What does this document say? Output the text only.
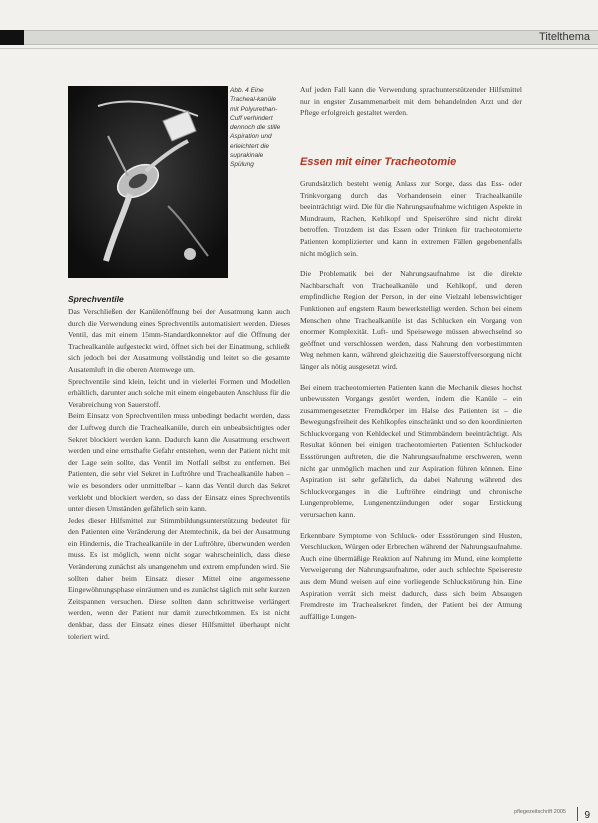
Titelthema
Abb. 4 Eine Tracheal-kanüle mit Polyurethan-Cuff verhindert dennoch die stille Aspiration und erleichtert die suprakinale Spülung
Sprechventile

Das Verschließen der Kanülenöffnung bei der Ausatmung kann auch durch die Verwendung eines Sprechventils automatisiert werden. Dieses Ventil, das mit einem 15mm-Standardkonnektor auf die Öffnung der Trachealkanüle aufgesteckt wird, öffnet sich bei der Einatmung, schließt sich jedoch bei der Ausatmung vollständig und leitet so die gesamte Ausatemluft in die oberen Atemwege um.

Sprechventile sind klein, leicht und in vielerlei Formen und Modellen erhältlich, darunter auch solche mit einem eingebauten Anschluss für die Verabreichung von Sauerstoff.

Beim Einsatz von Sprechventilen muss unbedingt bedacht werden, dass der Luftweg durch die Trachealkanüle, durch ein unbeabsichtigtes oder Sekret blockiert werden kann. Dadurch kann die Ausatmung erschwert werden und eine ernsthafte Gefahr entstehen, wenn der Patient nicht mit der Lage sein sollte, das Ventil im Notfall selbst zu entfernen. Bei Patienten, die sehr viel Sekret in Luftröhre und Trachealkanüle haben – wie es besonders oder unmittelbar – kann das Ventil durch das Sekret verklebt und blockiert werden, so dass der Einsatz eines Sprechventils unter diesen Umständen gefährlich sein kann.

Jedes dieser Hilfsmittel zur Stimmbildungsunterstützung bedeutet für den Patienten eine Veränderung der Atemtechnik, da bei der Ausatmung ein Hindernis, die Trachealkanüle in der Luftröhre, überwunden werden muss. Es ist möglich, wenn nicht sogar wahrscheinlich, dass diese Veränderung zunächst als unangenehm und extrem empfunden wird. Sie sollten daher beim Einsatz dieser Mittel eine angemessene Eingewöhnungsphase einräumen und es zunächst täglich mit sehr kurzen Zeitspannen versuchen. Diese sollten dann schrittweise verlängert werden, wenn der Patient nur damit zurechtkommen. Es ist nicht denkbar, dass der Einsatz eines dieser Hilfsmittel überhaupt nicht toleriert wird.

Auf jeden Fall kann die Verwendung sprachunterstützender Hilfsmittel nur in engster Zusammenarbeit mit dem behandelnden Arzt und der Pflege erfolgreich gestaltet werden.

Essen mit einer Tracheotomie

Grundsätzlich besteht wenig Anlass zur Sorge, dass das Ess- oder Trinkvorgang durch das Vorhandensein einer Trachealkanüle beeinträchtigt wird. Die für die Nahrungsaufnahme wichtigen Aspekte in Mundraum, Rachen, Kehlkopf und Speiseröhre sind nicht direkt betroffen. Trotzdem ist das Essen oder Trinken für tracheotomierte Patienten komplizierter und kann in extremen Fällen gegebenenfalls nicht möglich sein.

Die Problematik bei der Nahrungsaufnahme ist die direkte Nachbarschaft von Trachealkanüle und Kehlkopf, und deren empfindliche Region der Person, in der eine Vielzahl lebenswichtiger Funktionen auf engstem Raum bewerkstelligt werden. Schon bei einem Menschen ohne Trachealkanüle ist das Schlucken ein Vorgang von enormer Komplexität. Luft- und Speisewege müssen abwechselnd so geöffnet und verschlossen werden, dass Nahrung den vorbestimmten Weg nehmen kann, während gleichzeitig die Sauerstoffversorgung nicht länger als nötig ausgesetzt wird.

Bei einem tracheotomierten Patienten kann die Mechanik dieses hochst unbewussten Vorgangs gestört werden, indem die Kanüle – ein zusammengesetzter Fremdkörper im Halse des Patienten ist – die Bewegungsfreiheit des Kehlkopfes einschränkt und so den koordinierten Schluckvorgang von Kehldeckel und Stimmbändern beeinträchtigt. Als Resultat können bei einigen tracheotomierten Patienten Schluckoder Essstörungen auftreten, die die Nahrungsaufnahme erschweren, wenn nicht gar unmöglich machen und zur Aspiration führen können. Eine Aspiration ist sehr gefährlich, da dabei Nahrung während des Schluckvorganges in die Luftröhre eindringt und chronische Lungenprobleme, Lungenentzündungen oder sogar Erstickung verursachen kann.

Erkennbare Symptome von Schluck- oder Essstörungen sind Husten, Verschlucken, Würgen oder Erbrechen während der Nahrungsaufnahme. Auch eine übermäßige Reaktion auf Nahrung im Mund, eine komplette Verweigerung der Nahrungsaufnahme, oder auch schlechte Speisereste aus dem Mund weisen auf eine vorliegende Schluckstörung hin. Eine Aspiration verrät sich meist dadurch, dass sich beim Absaugen Fremdreste im Trachealsekret finden, der Patient bei der Atmung auffällige Lungen-

pflegezeitschrift 2005 9
